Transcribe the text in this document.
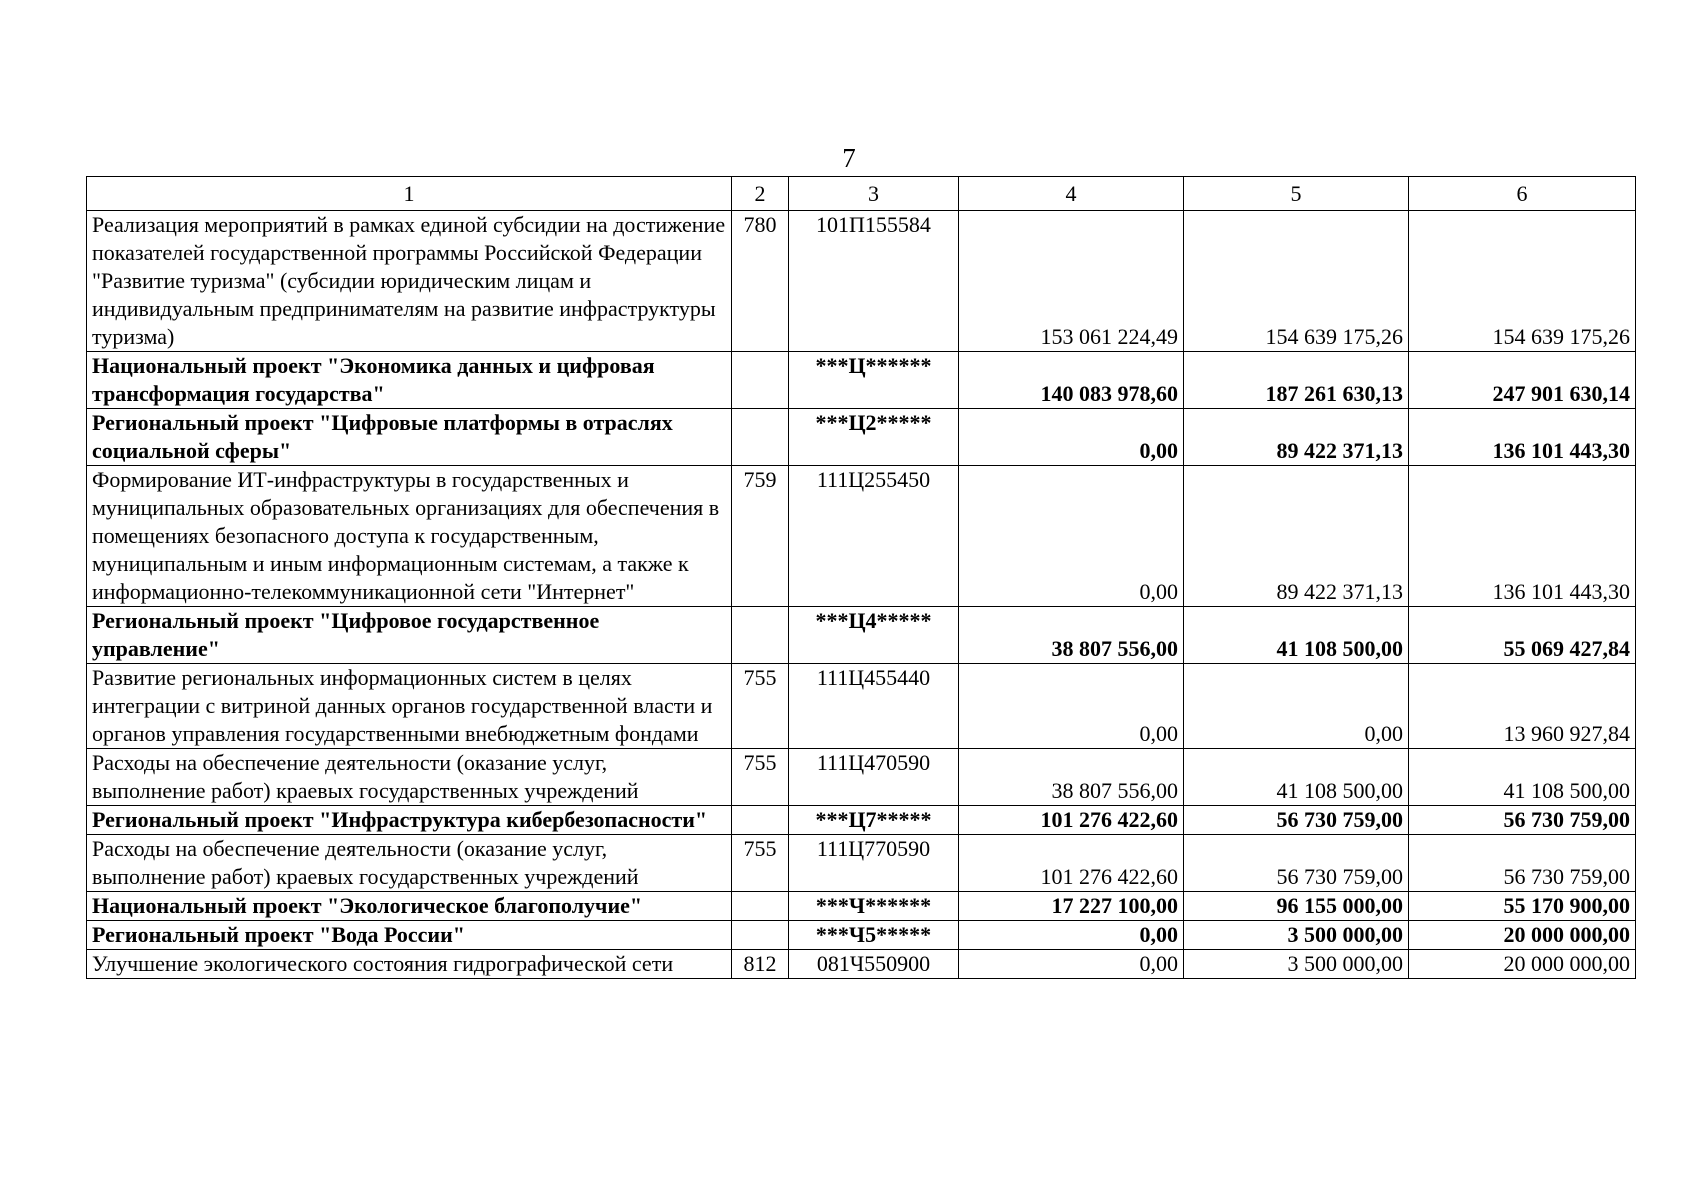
7
1	2	3	4	5	6
Реализация мероприятий в рамках единой субсидии на достижение показателей государственной программы Российской Федерации "Развитие туризма" (субсидии юридическим лицам и индивидуальным предпринимателям на развитие инфраструктуры туризма)	780	101П155584	153 061 224,49	154 639 175,26	154 639 175,26
Национальный проект "Экономика данных и цифровая трансформация государства"		***Ц******	140 083 978,60	187 261 630,13	247 901 630,14
Региональный проект "Цифровые платформы в отраслях социальной сферы"		***Ц2*****	0,00	89 422 371,13	136 101 443,30
Формирование ИТ-инфраструктуры в государственных и муниципальных образовательных организациях для обеспечения в помещениях безопасного доступа к государственным, муниципальным и иным информационным системам, а также к информационно-телекоммуникационной сети "Интернет"	759	111Ц255450	0,00	89 422 371,13	136 101 443,30
Региональный проект "Цифровое государственное управление"		***Ц4*****	38 807 556,00	41 108 500,00	55 069 427,84
Развитие региональных информационных систем в целях интеграции с витриной данных органов государственной власти и органов управления государственными внебюджетным фондами	755	111Ц455440	0,00	0,00	13 960 927,84
Расходы на обеспечение деятельности (оказание услуг, выполнение работ) краевых государственных учреждений	755	111Ц470590	38 807 556,00	41 108 500,00	41 108 500,00
Региональный проект "Инфраструктура кибербезопасности"		***Ц7*****	101 276 422,60	56 730 759,00	56 730 759,00
Расходы на обеспечение деятельности (оказание услуг, выполнение работ) краевых государственных учреждений	755	111Ц770590	101 276 422,60	56 730 759,00	56 730 759,00
Национальный проект "Экологическое благополучие"		***Ч******	17 227 100,00	96 155 000,00	55 170 900,00
Региональный проект "Вода России"		***Ч5*****	0,00	3 500 000,00	20 000 000,00
Улучшение экологического состояния гидрографической сети	812	081Ч550900	0,00	3 500 000,00	20 000 000,00
